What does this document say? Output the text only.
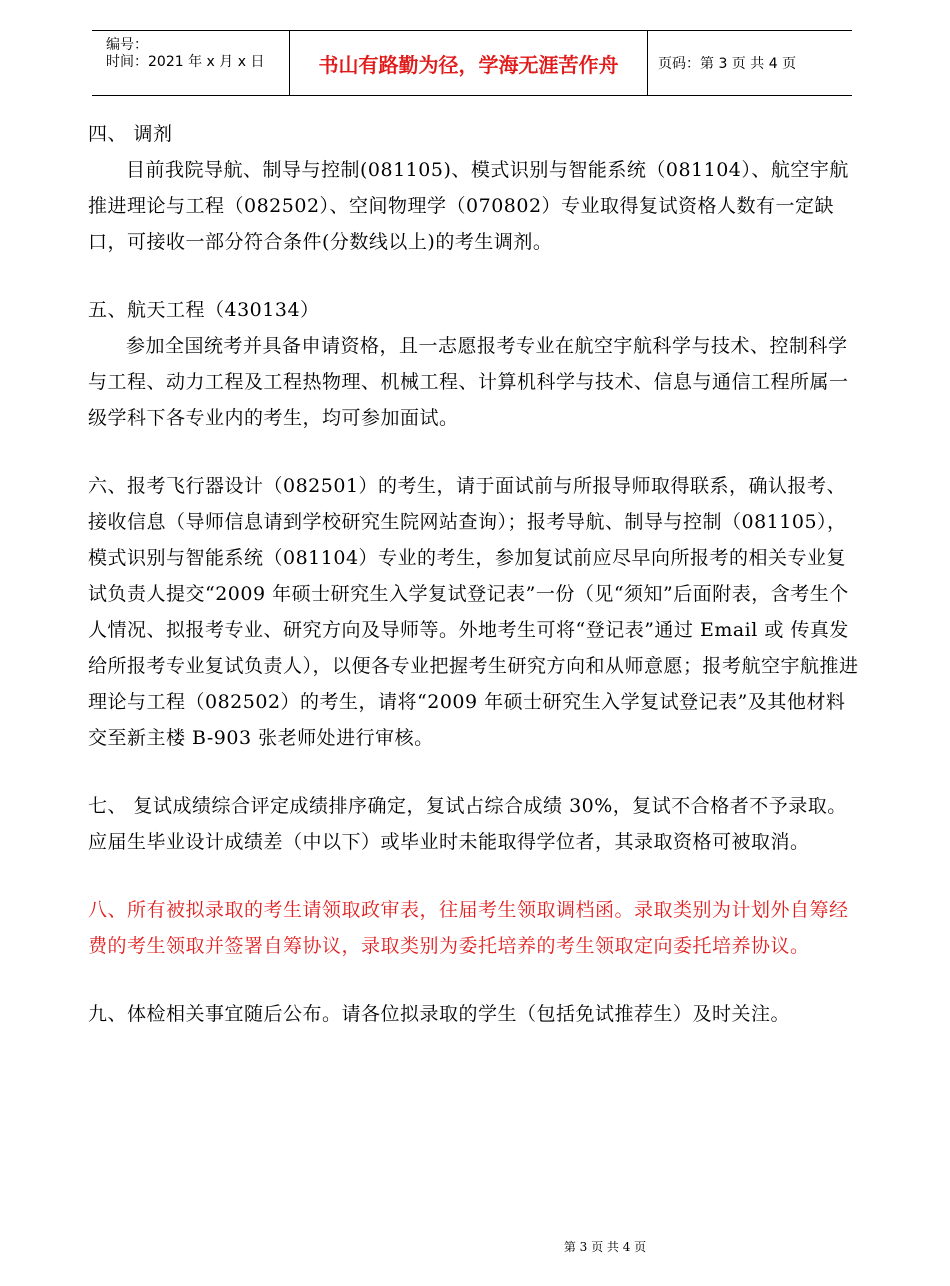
编号：
时间：2021 年 x 月 x 日	书山有路勤为径，学海无涯苦作舟	页码：第 3 页 共 4 页

四、 调剂

目前我院导航、制导与控制(081105)、模式识别与智能系统（081104）、航空宇航推进理论与工程（082502）、空间物理学（070802）专业取得复试资格人数有一定缺口，可接收一部分符合条件(分数线以上)的考生调剂。

五、航天工程（430134）

参加全国统考并具备申请资格，且一志愿报考专业在航空宇航科学与技术、控制科学与工程、动力工程及工程热物理、机械工程、计算机科学与技术、信息与通信工程所属一级学科下各专业内的考生，均可参加面试。

六、报考飞行器设计（082501）的考生，请于面试前与所报导师取得联系，确认报考、接收信息（导师信息请到学校研究生院网站查询）；报考导航、制导与控制（081105），模式识别与智能系统（081104）专业的考生，参加复试前应尽早向所报考的相关专业复试负责人提交“2009 年硕士研究生入学复试登记表”一份（见“须知”后面附表，含考生个人情况、拟报考专业、研究方向及导师等。外地考生可将“登记表”通过 Email 或 传真发给所报考专业复试负责人），以便各专业把握考生研究方向和从师意愿；报考航空宇航推进理论与工程（082502）的考生，请将“2009 年硕士研究生入学复试登记表”及其他材料交至新主楼 B-903 张老师处进行审核。

七、 复试成绩综合评定成绩排序确定，复试占综合成绩 30%，复试不合格者不予录取。应届生毕业设计成绩差（中以下）或毕业时未能取得学位者，其录取资格可被取消。

八、所有被拟录取的考生请领取政审表，往届考生领取调档函。录取类别为计划外自筹经费的考生领取并签署自筹协议，录取类别为委托培养的考生领取定向委托培养协议。

九、体检相关事宜随后公布。请各位拟录取的学生（包括免试推荐生）及时关注。

第 3 页 共 4 页
